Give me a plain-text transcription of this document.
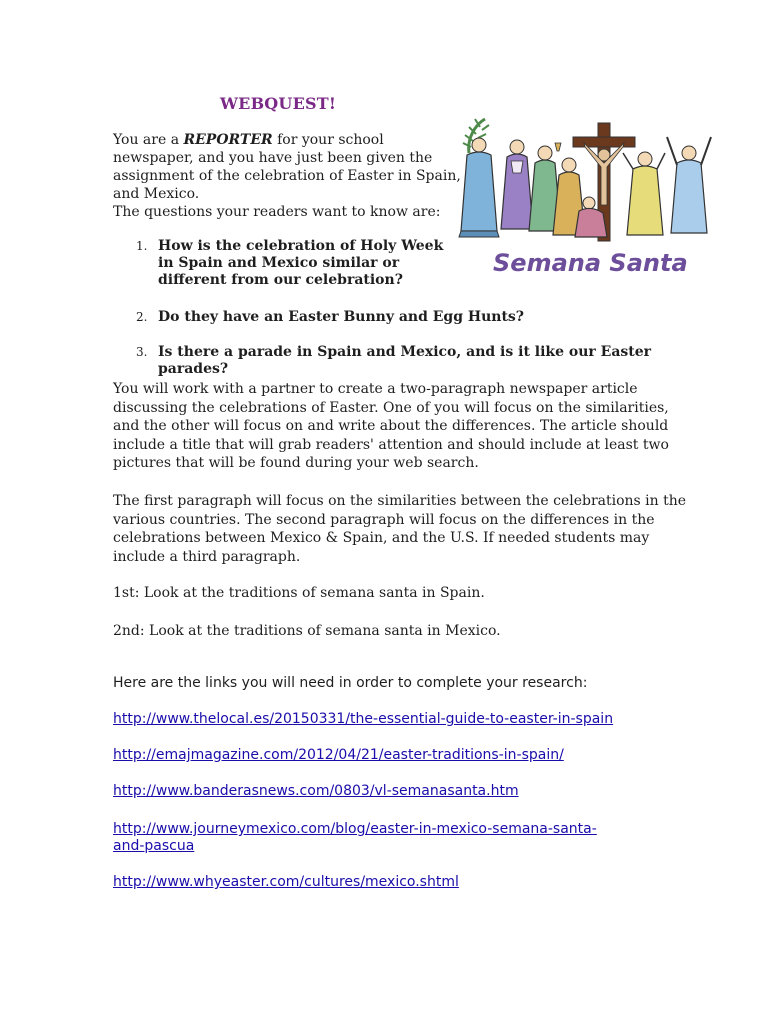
WEBQUEST!
You are a REPORTER for your school
newspaper, and you have just been given the
assignment of the celebration of Easter in Spain,
and Mexico.
The questions your readers want to know are:
Semana Santa
1. How is the celebration of Holy Week
in Spain and Mexico similar or
different from our celebration?
2. Do they have an Easter Bunny and Egg Hunts?
3. Is there a parade in Spain and Mexico, and is it like our Easter
parades?
You will work with a partner to create a two-paragraph newspaper article
discussing the celebrations of Easter. One of you will focus on the similarities,
and the other will focus on and write about the differences. The article should
include a title that will grab readers' attention and should include at least two
pictures that will be found during your web search.
The first paragraph will focus on the similarities between the celebrations in the
various countries. The second paragraph will focus on the differences in the
celebrations between Mexico & Spain, and the U.S. If needed students may
include a third paragraph.
1st: Look at the traditions of semana santa in Spain.
2nd: Look at the traditions of semana santa in Mexico.
Here are the links you will need in order to complete your research:
http://www.thelocal.es/20150331/the-essential-guide-to-easter-in-spain
http://emajmagazine.com/2012/04/21/easter-traditions-in-spain/
http://www.banderasnews.com/0803/vl-semanasanta.htm
http://www.journeymexico.com/blog/easter-in-mexico-semana-santa-
and-pascua
http://www.whyeaster.com/cultures/mexico.shtml
